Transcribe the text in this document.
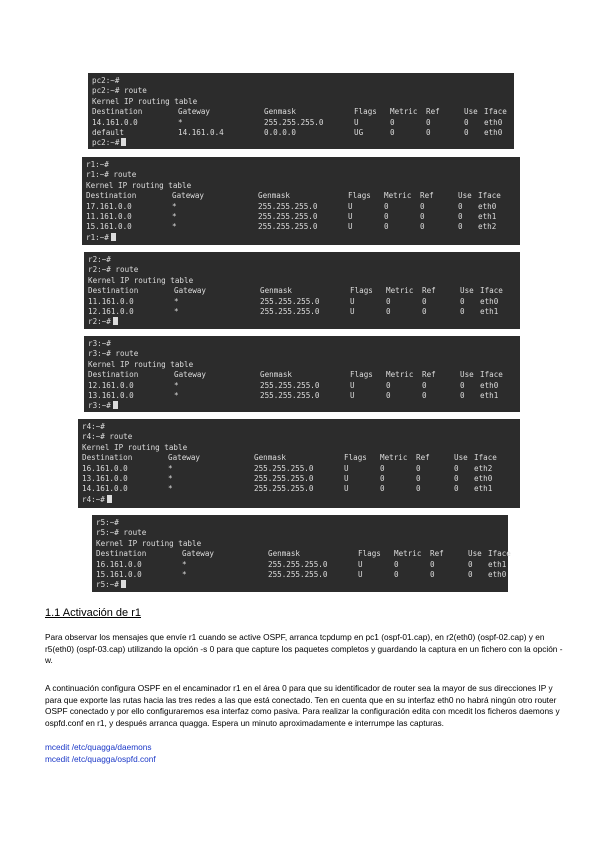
pc2:~#
pc2:~# route
Kernel IP routing table
Destination	Gateway	Genmask	Flags Metric Ref	Use Iface
14.161.0.0	*	255.255.255.0	U	0	0	0 eth0
default	14.161.0.4	0.0.0.0	UG	0	0	0 eth0
pc2:~#
r1:~#
r1:~# route
Kernel IP routing table
Destination	Gateway	Genmask	Flags Metric Ref	Use Iface
17.161.0.0	*	255.255.255.0	U	0	0	0 eth0
11.161.0.0	*	255.255.255.0	U	0	0	0 eth1
15.161.0.0	*	255.255.255.0	U	0	0	0 eth2
r1:~#
r2:~#
r2:~# route
Kernel IP routing table
Destination	Gateway	Genmask	Flags Metric Ref	Use Iface
11.161.0.0	*	255.255.255.0	U	0	0	0 eth0
12.161.0.0	*	255.255.255.0	U	0	0	0 eth1
r2:~#
r3:~#
r3:~# route
Kernel IP routing table
Destination	Gateway	Genmask	Flags Metric Ref	Use Iface
12.161.0.0	*	255.255.255.0	U	0	0	0 eth0
13.161.0.0	*	255.255.255.0	U	0	0	0 eth1
r3:~#
r4:~#
r4:~# route
Kernel IP routing table
Destination	Gateway	Genmask	Flags Metric Ref	Use Iface
16.161.0.0	*	255.255.255.0	U	0	0	0 eth2
13.161.0.0	*	255.255.255.0	U	0	0	0 eth0
14.161.0.0	*	255.255.255.0	U	0	0	0 eth1
r4:~#
r5:~#
r5:~# route
Kernel IP routing table
Destination	Gateway	Genmask	Flags Metric Ref	Use Iface
16.161.0.0	*	255.255.255.0	U	0	0	0 eth1
15.161.0.0	*	255.255.255.0	U	0	0	0 eth0
r5:~#
1.1 Activación de r1
Para observar los mensajes que envíe r1 cuando se active OSPF, arranca tcpdump en pc1 (ospf-01.cap), en r2(eth0) (ospf-02.cap) y en r5(eth0) (ospf-03.cap) utilizando la opción -s 0 para que capture los paquetes completos y guardando la captura en un fichero con la opción -w.
A continuación configura OSPF en el encaminador r1 en el área 0 para que su identificador de router sea la mayor de sus direcciones IP y para que exporte las rutas hacia las tres redes a las que está conectado. Ten en cuenta que en su interfaz eth0 no habrá ningún otro router OSPF conectado y por ello configuraremos esa interfaz como pasiva. Para realizar la configuración edita con mcedit los ficheros daemons y ospfd.conf en r1, y después arranca quagga. Espera un minuto aproximadamente e interrumpe las capturas.
mcedit /etc/quagga/daemons
mcedit /etc/quagga/ospfd.conf
